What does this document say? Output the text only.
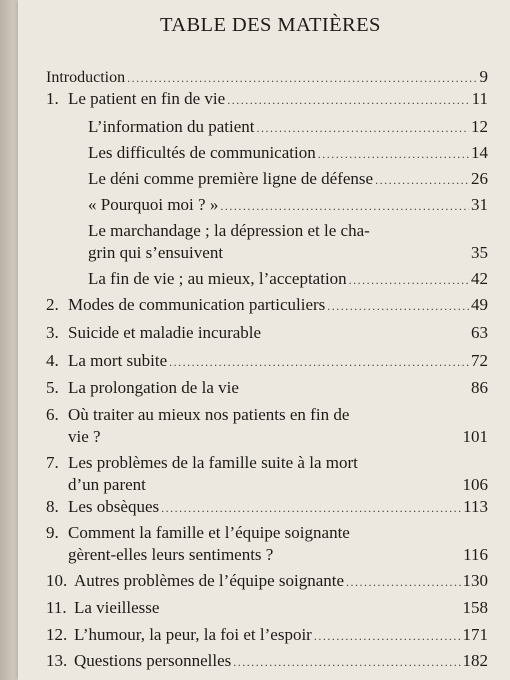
TABLE DES MATIÈRES
Introduction .....	9
1. Le patient en fin de vie .....	11
L’information du patient .....	12
Les difficultés de communication .....	14
Le déni comme première ligne de défense .....	26
« Pourquoi moi ? » .....	31
Le marchandage ; la dépression et le cha-
grin qui s’ensuivent	35
La fin de vie ; au mieux, l’acceptation .....	42
2. Modes de communication particuliers .....	49
3. Suicide et maladie incurable	63
4. La mort subite .....	72
5. La prolongation de la vie	86
6. Où traiter au mieux nos patients en fin de
vie ?	101
7. Les problèmes de la famille suite à la mort
d’un parent	106
8. Les obsèques .....	113
9. Comment la famille et l’équipe soignante
gèrent-elles leurs sentiments ?	116
10. Autres problèmes de l’équipe soignante .....	130
11. La vieillesse	158
12. L’humour, la peur, la foi et l’espoir .....	171
13. Questions personnelles .....	182
